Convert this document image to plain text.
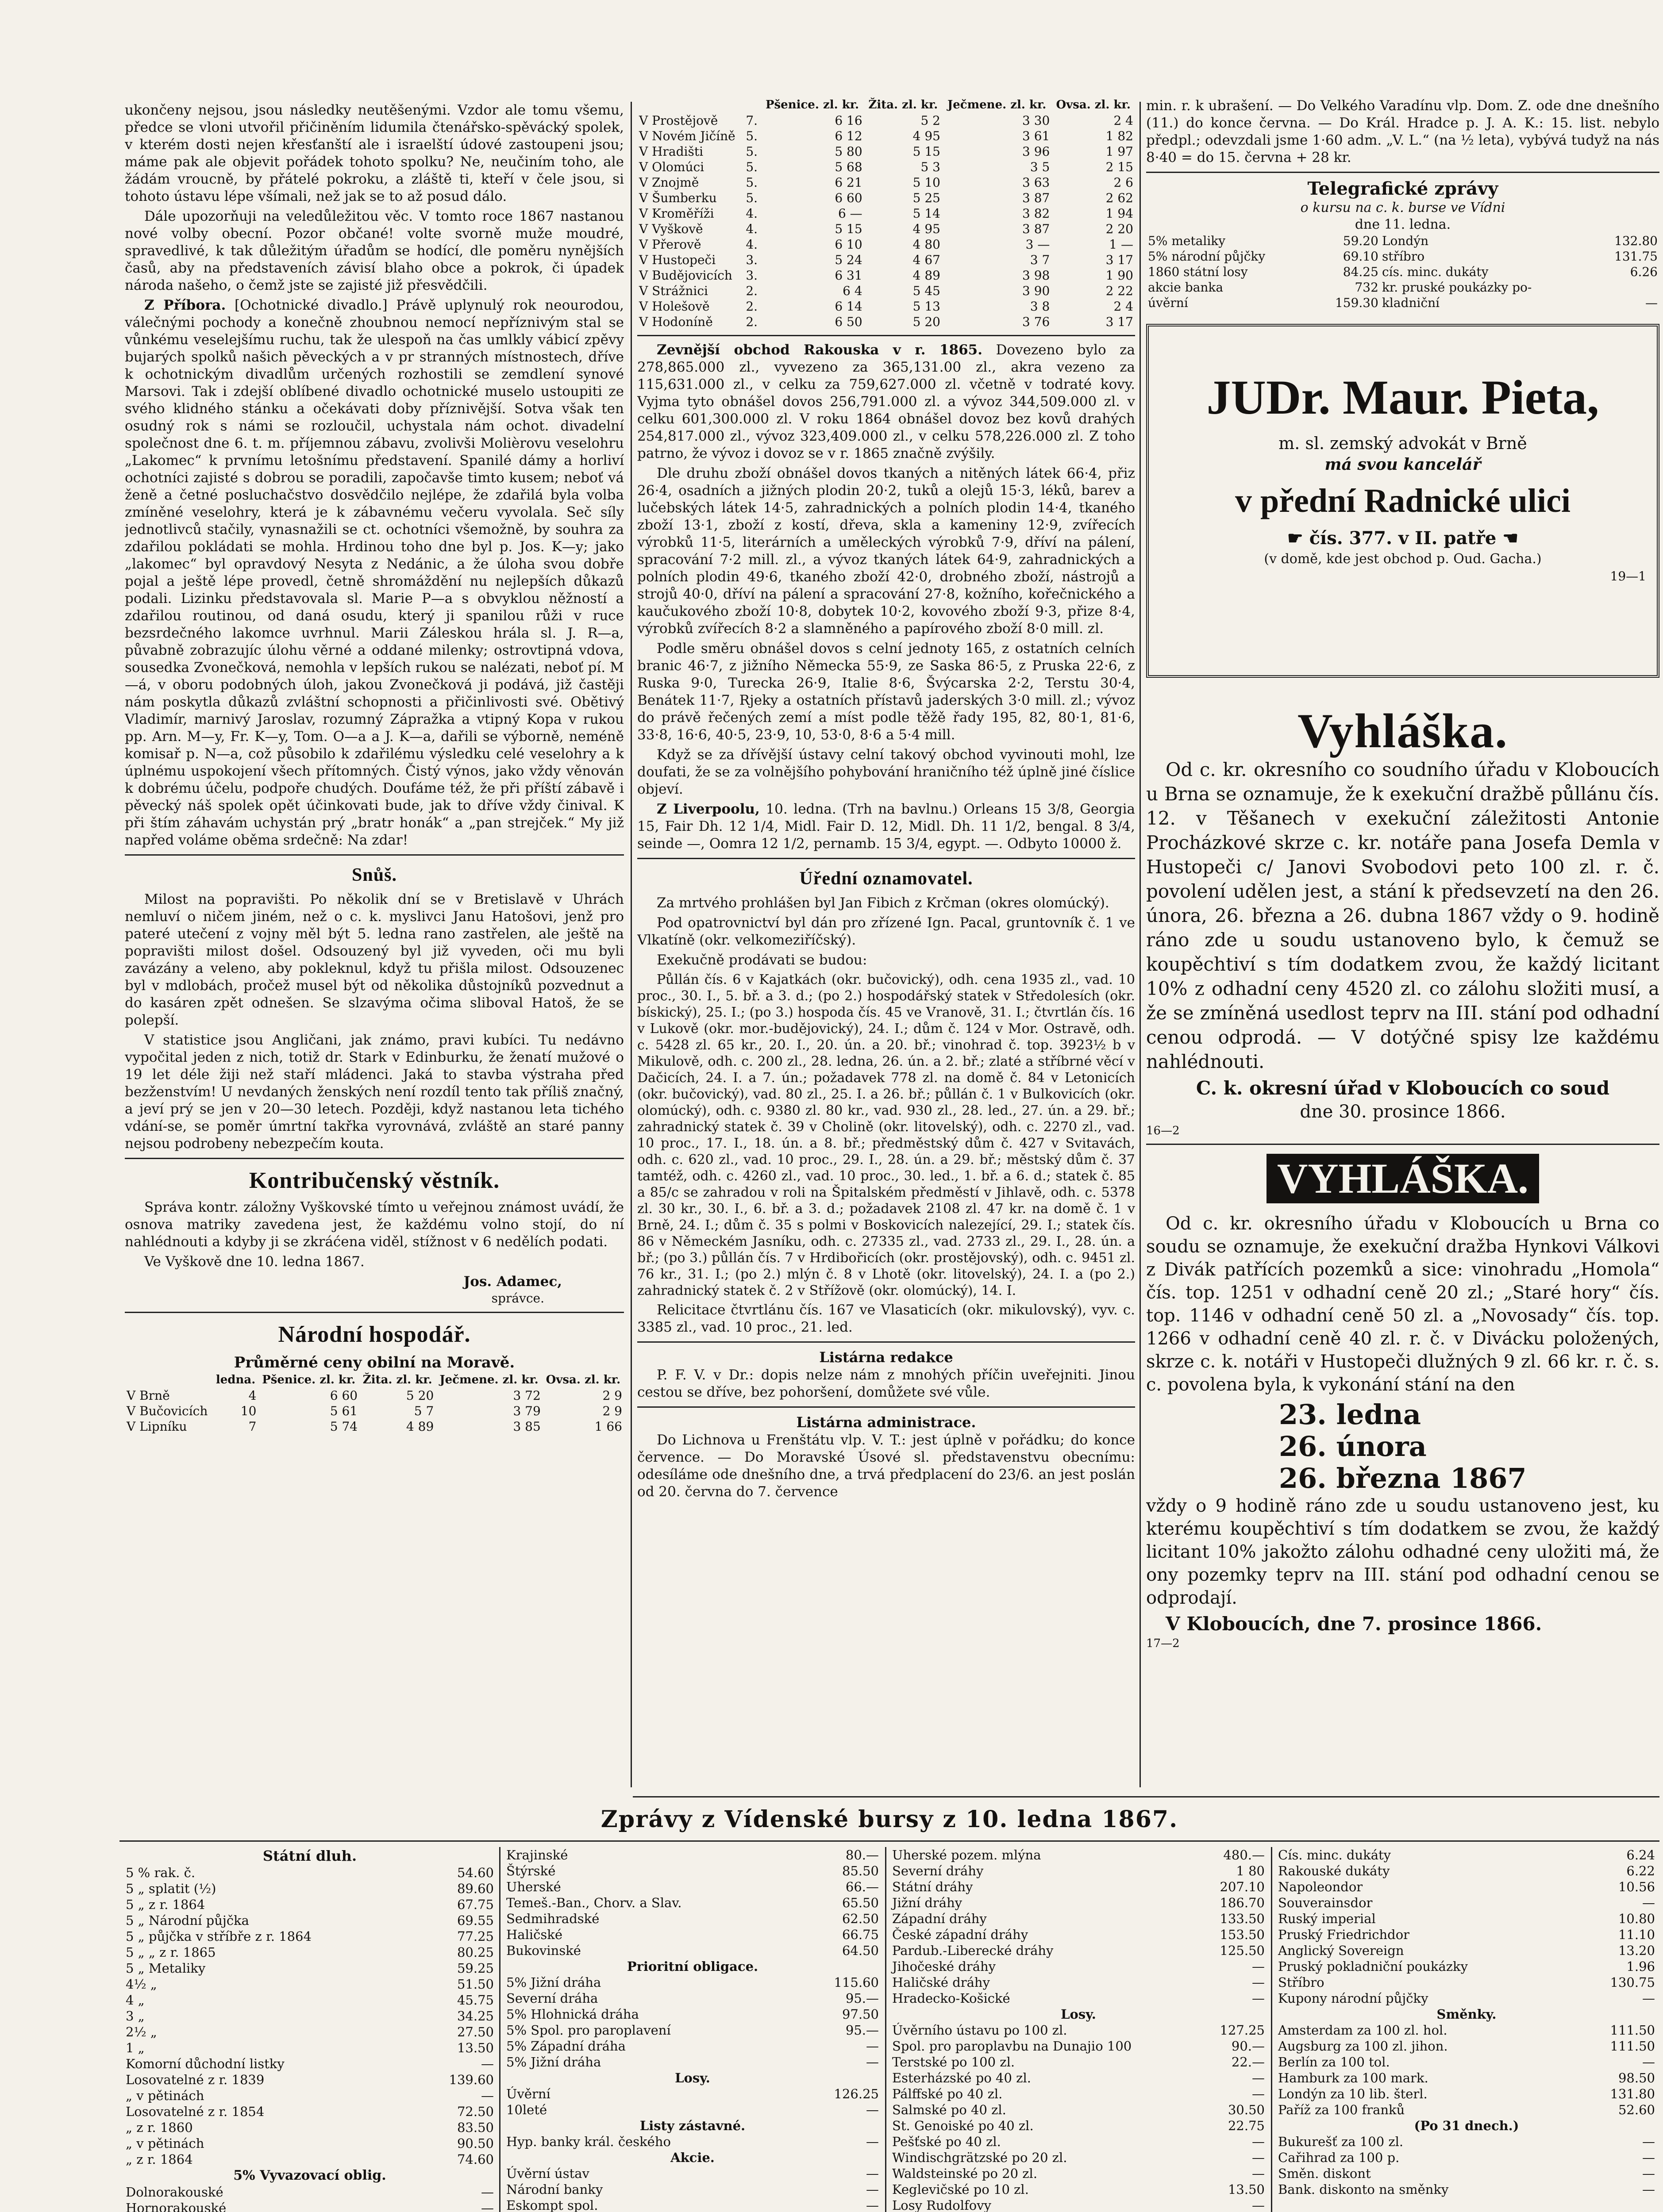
ukončeny nejsou, jsou následky neutěšenými. Vzdor ale tomu všemu, předce se vloni utvořil přičiněním lidumila čtenářsko-spěvácký spolek, v kterém dosti nejen křesťanští ale i israelští údové zastoupeni jsou; máme pak ale objevit pořádek tohoto spolku? Ne, neučiním toho, ale žádám vroucně, by přátelé pokroku, a zláště ti, kteří v čele jsou, si tohoto ústavu lépe všímali, než jak se to až posud dálo.

Dále upozorňuji na veledůležitou věc. V tomto roce 1867 nastanou nové volby obecní. Pozor občané! volte svorně muže moudré, spravedlivé, k tak důležitým úřadům se hodící, dle poměru nynějších časů, aby na představeních závisí blaho obce a pokrok, či úpadek národa našeho, o čemž jste se zajisté již přesvědčili.

Z Příbora. [Ochotnické divadlo.] Právě uplynulý rok neourodou, válečnými pochody a konečně zhoubnou nemocí nepříznivým stal se vůnkému veselejšímu ruchu, tak že ulespoň na čas umlkly vábicí zpěvy bujarých spolků našich pěveckých a v pr stranných místnostech, dříve k ochotnickým divadlům určených rozhostili se zemdlení synové Marsovi. Tak i zdejší oblíbené divadlo ochotnické muselo ustoupiti ze svého klidného stánku a očekávati doby příznivější. Sotva však ten osudný rok s námi se rozloučil, uchystala nám ochot. divadelní společnost dne 6. t. m. příjemnou zábavu, zvolivši Molièrovu veselohru „Lakomec“ k prvnímu letošnímu představení. Spanilé dámy a horliví ochotníci zajisté s dobrou se poradili, započavše timto kusem; neboť vá ženě a četné posluchačstvo dosvědčilo nejlépe, že zdařilá byla volba zmíněné veselohry, která je k zábavnému večeru vyvolala. Seč síly jednotlivců stačily, vynasnažili se ct. ochotníci všemožně, by souhra za zdařilou pokládati se mohla. Hrdinou toho dne byl p. Jos. K—y; jako „lakomec“ byl opravdový Nesyta z Nedánic, a že úloha svou dobře pojal a ještě lépe provedl, četně shromáždění nu nejlepších důkazů podali. Lizinku představovala sl. Marie P—a s obvyklou něžností a zdařilou routinou, od daná osudu, který ji spanilou růži v ruce bezsrdečného lakomce uvrhnul. Marii Záleskou hrála sl. J. R—a, půvabně zobrazujíc úlohu věrné a oddané milenky; ostrovtipná vdova, sousedka Zvonečková, nemohla v lepších rukou se nalézati, neboť pí. M—á, v oboru podobných úloh, jakou Zvonečková ji podává, již častěji nám poskytla důkazů zvláštní schopnosti a přičinlivosti své. Obětivý Vladimír, marnivý Jaroslav, rozumný Zápražka a vtipný Kopa v rukou pp. Arn. M—y, Fr. K—y, Tom. O—a a J. K—a, dařili se výborně, neméně komisař p. N—a, což působilo k zdařilému výsledku celé veselohry a k úplnému uspokojení všech přítomných. Čistý výnos, jako vždy věnován k dobrému účelu, podpoře chudých. Doufáme též, že při příští zábavě i pěvecký náš spolek opět účinkovati bude, jak to dříve vždy činival. K při štím záhavám uchystán prý „bratr honák“ a „pan strejček.“ My již napřed voláme oběma srdečně: Na zdar!

Snůš.

Milost na popravišti. Po několik dní se v Bretislavě v Uhrách nemluví o ničem jiném, než o c. k. myslivci Janu Hatošovi, jenž pro pateré utečení z vojny měl být 5. ledna rano zastřelen, ale ještě na popravišti milost došel. Odsouzený byl již vyveden, oči mu byli zavázány a veleno, aby pokleknul, když tu přišla milost. Odsouzenec byl v mdlobách, pročež musel být od několika důstojníků pozvednut a do kasáren zpět odnešen. Se slzavýma očima sliboval Hatoš, že se polepší.

V statistice jsou Angličani, jak známo, pravi kubíci. Tu nedávno vypočital jeden z nich, totiž dr. Stark v Edinburku, že ženatí mužové o 19 let déle žiji než staří mládenci. Jaká to stavba výstraha před bezženstvím! U nevdaných ženských není rozdíl tento tak příliš značný, a jeví prý se jen v 20—30 letech. Později, když nastanou leta tichého vdání-se, se poměr úmrtní takřka vyrovnává, zvláště an staré panny nejsou podrobeny nebezpečím kouta.

Kontribučenský věstník.

Správa kontr. záložny Vyškovské tímto u veřejnou známost uvádí, že osnova matriky zavedena jest, že každému volno stojí, do ní nahlédnouti a kdyby ji se zkráćena viděl, stížnost v 6 nedělích podati.

Ve Vyškově dne 10. ledna 1867.

Jos. Adamec,
správce.
Národní hospodář.
Průměrné ceny obilní na Moravě.
	ledna.	Pšenice. zl. kr.	Žita. zl. kr.	Ječmene. zl. kr.	Ovsa. zl. kr.
V Brně	4	6 60	5 20	3 72	2 9
V Bučovicích	10	5 61	5 7	3 79	2 9
V Lipníku	7	5 74	4 89	3 85	1 66
		Pšenice. zl. kr.	Žita. zl. kr.	Ječmene. zl. kr.	Ovsa. zl. kr.
V Prostějově	7.	6 16	5 2	3 30	2 4
V Novém Jičíně	5.	6 12	4 95	3 61	1 82
V Hradišti	5.	5 80	5 15	3 96	1 97
V Olomúci	5.	5 68	5 3	3 5	2 15
V Znojmě	5.	6 21	5 10	3 63	2 6
V Šumberku	5.	6 60	5 25	3 87	2 62
V Kroměříži	4.	6 —	5 14	3 82	1 94
V Vyškově	4.	5 15	4 95	3 87	2 20
V Přerově	4.	6 10	4 80	3 —	1 —
V Hustopeči	3.	5 24	4 67	3 7	3 17
V Budějovicích	3.	6 31	4 89	3 98	1 90
V Strážnici	2.	6 4	5 45	3 90	2 22
V Holešově	2.	6 14	5 13	3 8	2 4
V Hodoníně	2.	6 50	5 20	3 76	3 17

Zevnější obchod Rakouska v r. 1865. Dovezeno bylo za 278,865.000 zl., vyvezeno za 365,131.00 zl., akra vezeno za 115,631.000 zl., v celku za 759,627.000 zl. včetně v todraté kovy. Vyjma tyto obnášel dovos 256,791.000 zl. a vývoz 344,509.000 zl. v celku 601,300.000 zl. V roku 1864 obnášel dovoz bez kovů drahých 254,817.000 zl., vývoz 323,409.000 zl., v celku 578,226.000 zl. Z toho patrno, že vývoz i dovoz se v r. 1865 značně zvýšily.

Dle druhu zboží obnášel dovos tkaných a nitěných látek 66·4, přiz 26·4, osadních a jižných plodin 20·2, tuků a olejů 15·3, léků, barev a lučebských látek 14·5, zahradnických a polních plodin 14·4, tkaného zboží 13·1, zboží z kostí, dřeva, skla a kameniny 12·9, zvířecích výrobků 11·5, literárních a uměleckých výrobků 7·9, dříví na pálení, spracování 7·2 mill. zl., a vývoz tkaných látek 64·9, zahradnických a polních plodin 49·6, tkaného zboží 42·0, drobného zboží, nástrojů a strojů 40·0, dříví na pálení a spracování 27·8, kožního, kořečnického a kaučukového zboží 10·8, dobytek 10·2, kovového zboží 9·3, přize 8·4, výrobků zvířecích 8·2 a slamněného a papírového zboží 8·0 mill. zl.

Podle směru obnášel dovos s celní jednoty 165, z ostatních celních branic 46·7, z jižního Německa 55·9, ze Saska 86·5, z Pruska 22·6, z Ruska 9·0, Turecka 26·9, Italie 8·6, Švýcarska 2·2, Terstu 30·4, Benátek 11·7, Rjeky a ostatních přístavů jaderských 3·0 mill. zl.; vývoz do právě řečených zemí a míst podle těžě řady 195, 82, 80·1, 81·6, 33·8, 16·6, 40·5, 23·9, 10, 53·0, 8·6 a 5·4 mill.

Když se za dřívější ústavy celní takový obchod vyvinouti mohl, lze doufati, že se za volnějšího pohybování hraničního též úplně jiné číslice objeví.

Z Liverpoolu, 10. ledna. (Trh na bavlnu.) Orleans 15 3/8, Georgia 15, Fair Dh. 12 1/4, Midl. Fair D. 12, Midl. Dh. 11 1/2, bengal. 8 3/4, seinde —, Oomra 12 1/2, pernamb. 15 3/4, egypt. —. Odbyto 10000 ž.

Úřední oznamovatel.

Za mrtvého prohlášen byl Jan Fibich z Krčman (okres olomúcký).

Pod opatrovnictví byl dán pro zřízené Ign. Pacal, gruntovník č. 1 ve Vlkatíně (okr. velkomeziříčský).

Exekučně prodávati se budou:

Půllán čís. 6 v Kajatkách (okr. bučovický), odh. cena 1935 zl., vad. 10 proc., 30. I., 5. bř. a 3. d.; (po 2.) hospodářský statek v Středolesích (okr. bískický), 25. I.; (po 3.) hospoda čís. 45 ve Vranově, 31. I.; čtvrtlán čís. 16 v Lukově (okr. mor.-budějovický), 24. I.; dům č. 124 v Mor. Ostravě, odh. c. 5428 zl. 65 kr., 20. I., 20. ún. a 20. bř.; vinohrad č. top. 3923½ b v Mikulově, odh. c. 200 zl., 28. ledna, 26. ún. a 2. bř.; zlaté a stříbrné věcí v Dačicích, 24. I. a 7. ún.; požadavek 778 zl. na domě č. 84 v Letonicích (okr. bučovický), vad. 80 zl., 25. I. a 26. bř.; půllán č. 1 v Bulkovicích (okr. olomúcký), odh. c. 9380 zl. 80 kr., vad. 930 zl., 28. led., 27. ún. a 29. bř.; zahradnický statek č. 39 v Cholině (okr. litovelský), odh. c. 2270 zl., vad. 10 proc., 17. I., 18. ún. a 8. bř.; předměstský dům č. 427 v Svitavách, odh. c. 620 zl., vad. 10 proc., 29. I., 28. ún. a 29. bř.; městský dům č. 37 tamtéž, odh. c. 4260 zl., vad. 10 proc., 30. led., 1. bř. a 6. d.; statek č. 85 a 85/c se zahradou v roli na Špitalském předměstí v Jihlavě, odh. c. 5378 zl. 30 kr., 30. I., 6. bř. a 3. d.; požadavek 2108 zl. 47 kr. na domě č. 1 v Brně, 24. I.; dům č. 35 s polmi v Boskovicích nalezející, 29. I.; statek čís. 86 v Německém Jasníku, odh. c. 27335 zl., vad. 2733 zl., 29. I., 28. ún. a bř.; (po 3.) půllán čís. 7 v Hrdibořicích (okr. prostějovský), odh. c. 9451 zl. 76 kr., 31. I.; (po 2.) mlýn č. 8 v Lhotě (okr. litovelský), 24. I. a (po 2.) zahradnický statek č. 2 v Střížově (okr. olomúcký), 14. I.

Relicitace čtvrtlánu čís. 167 ve Vlasaticích (okr. mikulovský), vyv. c. 3385 zl., vad. 10 proc., 21. led.

Listárna redakce

P. F. V. v Dr.: dopis nelze nám z mnohých příčin uveřejniti. Jinou cestou se dříve, bez pohoršení, domůžete své vůle.

Listárna administrace.

Do Lichnova u Frenštátu vlp. V. T.: jest úplně v pořádku; do konce července. — Do Moravské Úsové sl. představenstvu obecnímu: odesíláme ode dnešního dne, a trvá předplacení do 23/6. an jest poslán od 20. června do 7. července

min. r. k ubrašení. — Do Velkého Varadínu vlp. Dom. Z. ode dne dnešního (11.) do konce června. — Do Král. Hradce p. J. A. K.: 15. list. nebylo předpl.; odevzdali jsme 1·60 adm. „V. L.“ (na ½ leta), vybývá tudyž na nás 8·40 = do 15. června + 28 kr.

Telegrafické zprávy
o kursu na c. k. burse ve Vídni
dne 11. ledna.
5% metaliky	59.20	Londýn	132.80
5% národní půjčky	69.10	stříbro	131.75
1860 státní losy	84.25	cís. minc. dukáty	6.26
akcie banka	732	kr. pruské poukázky po-	
úvěrní	159.30	kladniční	—
JUDr. Maur. Pieta,
m. sl. zemský advokát v Brně
má svou kancelář
v přední Radnické ulici
☛ čís. 377. v II. patře ☚
(v domě, kde jest obchod p. Oud. Gacha.)
19—1
Vyhláška.

Od c. kr. okresního co soudního úřadu v Kloboucích u Brna se oznamuje, že k exekuční dražbě půllánu čís. 12. v Těšanech v exekuční záležitosti Antonie Procházkové skrze c. kr. notáře pana Josefa Demla v Hustopeči c/ Janovi Svobodovi peto 100 zl. r. č. povolení udělen jest, a stání k předsevzetí na den 26. února, 26. března a 26. dubna 1867 vždy o 9. hodině ráno zde u soudu ustanoveno bylo, k čemuž se koupěchtiví s tím dodatkem zvou, že každý licitant 10% z odhadní ceny 4520 zl. co zálohu složiti musí, a že se zmíněná usedlost teprv na III. stání pod odhadní cenou odprodá. — V dotýčné spisy lze každému nahlédnouti.

C. k. okresní úřad v Kloboucích co soud
dne 30. prosince 1866.
16—2
VYHLÁŠKA.

Od c. kr. okresního úřadu v Kloboucích u Brna co soudu se oznamuje, že exekuční dražba Hynkovi Válkovi z Divák patřících pozemků a sice: vinohradu „Homola“ čís. top. 1251 v odhadní ceně 20 zl.; „Staré hory“ čís. top. 1146 v odhadní ceně 50 zl. a „Novosady“ čís. top. 1266 v odhadní ceně 40 zl. r. č. v Divácku položených, skrze c. k. notáři v Hustopeči dlužných 9 zl. 66 kr. r. č. s. c. povolena byla, k vykonání stání na den

23. ledna
26. února
26. března 1867

vždy o 9 hodině ráno zde u soudu ustanoveno jest, ku kterému koupěchtiví s tím dodatkem se zvou, že každý licitant 10% jakožto zálohu odhadné ceny uložiti má, že ony pozemky teprv na III. stání pod odhadní cenou se odprodají.

V Kloboucích, dne 7. prosince 1866.
17—2
Zprávy z Vídenské bursy z 10. ledna 1867.
Státní dluh.
5 % rak. č.	54.60
5 „ splatit (½)	89.60
5 „ z r. 1864	67.75
5 „ Národní půjčka	69.55
5 „ půjčka v stříbře z r. 1864	77.25
5 „ „ z r. 1865	80.25
5 „ Metaliky	59.25
4½ „	51.50
4 „	45.75
3 „	34.25
2½ „	27.50
1 „	13.50
Komorní důchodní listky	—
Losovatelné z r. 1839	139.60
„ v pětinách	—
Losovatelné z r. 1854	72.50
„ z r. 1860	83.50
„ v pětinách	90.50
„ z r. 1864	74.60
5% Vyvazovací oblig.
Dolnorakouské	—
Hornorakouské	—

Krajinské	80.—
Štýrské	85.50
Uherské	66.—
Temeš.-Ban., Chorv. a Slav.	65.50
Sedmihradské	62.50
Haličské	66.75
Bukovinské	64.50
Prioritní obligace.	
5% Jižní dráha	115.60
Severní dráha	95.—
5% Hlohnická dráha	97.50
5% Spol. pro paroplavení	95.—
5% Západní dráha	—
5% Jižní dráha	—
Losy.	
Úvěrní	126.25
10leté	—
Listy zástavné.	
Hyp. banky král. českého	—
Akcie.	
Úvěrní ústav	—
Národní banky	—
Eskompt spol.	—

Uherské pozem. mlýna	480.—
Severní dráhy	1 80
Státní dráhy	207.10
Jižní dráhy	186.70
Západní dráhy	133.50
České západní dráhy	153.50
Pardub.-Liberecké dráhy	125.50
Jihočeské dráhy	—
Haličské dráhy	—
Hradecko-Košické	—
Losy.	
Úvěrního ústavu po 100 zl.	127.25
Spol. pro paroplavbu na Dunajio 100	90.—
Terstské po 100 zl.	22.—
Esterházské po 40 zl.	—
Pálffské po 40 zl.	—
Salmské po 40 zl.	30.50
St. Genoiské po 40 zl.	22.75
Pešťské po 40 zl.	—
Windischgrätzské po 20 zl.	—
Waldsteinské po 20 zl.	—
Keglevičské po 10 zl.	13.50
Losy Rudolfovy	—

Cís. minc. dukáty	6.24
Rakouské dukáty	6.22
Napoleondor	10.56
Souverainsdor	—
Ruský imperial	10.80
Pruský Friedrichdor	11.10
Anglický Sovereign	13.20
Pruský pokladniční poukázky	1.96
Stříbro	130.75
Kupony národní půjčky	—
Směnky.	
Amsterdam za 100 zl. hol.	111.50
Augsburg za 100 zl. jihon.	111.50
Berlín za 100 tol.	—
Hamburk za 100 mark.	98.50
Londýn za 10 lib. šterl.	131.80
Paříž za 100 franků	52.60
(Po 31 dnech.)	
Bukurešť za 100 zl.	—
Cařihrad za 100 p.	—
Směn. diskont	—
Bank. diskonto na směnky	—
